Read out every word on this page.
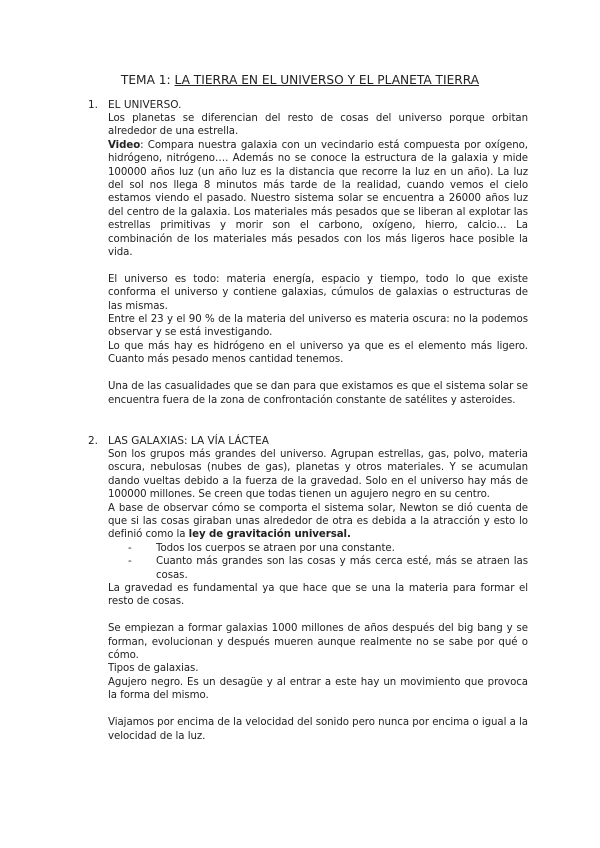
TEMA 1: LA TIERRA EN EL UNIVERSO Y EL PLANETA TIERRA
1. EL UNIVERSO.

Los planetas se diferencian del resto de cosas del universo porque orbitan alrededor de una estrella.

Video: Compara nuestra galaxia con un vecindario está compuesta por oxígeno, hidrógeno, nitrógeno…. Además no se conoce la estructura de la galaxia y mide 100000 años luz (un año luz es la distancia que recorre la luz en un año). La luz del sol nos llega 8 minutos más tarde de la realidad, cuando vemos el cielo estamos viendo el pasado. Nuestro sistema solar se encuentra a 26000 años luz del centro de la galaxia. Los materiales más pesados que se liberan al explotar las estrellas primitivas y morir son el carbono, oxígeno, hierro, calcio… La combinación de los materiales más pesados con los más ligeros hace posible la vida.

El universo es todo: materia energía, espacio y tiempo, todo lo que existe conforma el universo y contiene galaxias, cúmulos de galaxias o estructuras de las mismas.

Entre el 23 y el 90 % de la materia del universo es materia oscura: no la podemos observar y se está investigando.

Lo que más hay es hidrógeno en el universo ya que es el elemento más ligero. Cuanto más pesado menos cantidad tenemos.

Una de las casualidades que se dan para que existamos es que el sistema solar se encuentra fuera de la zona de confrontación constante de satélites y asteroides.

2. LAS GALAXIAS: LA VÍA LÁCTEA

Son los grupos más grandes del universo. Agrupan estrellas, gas, polvo, materia oscura, nebulosas (nubes de gas), planetas y otros materiales. Y se acumulan dando vueltas debido a la fuerza de la gravedad. Solo en el universo hay más de 100000 millones. Se creen que todas tienen un agujero negro en su centro.

A base de observar cómo se comporta el sistema solar, Newton se dió cuenta de que si las cosas giraban unas alrededor de otra es debida a la atracción y esto lo definió como la ley de gravitación universal.

- Todos los cuerpos se atraen por una constante.
- Cuanto más grandes son las cosas y más cerca esté, más se atraen las cosas.

La gravedad es fundamental ya que hace que se una la materia para formar el resto de cosas.

Se empiezan a formar galaxias 1000 millones de años después del big bang y se forman, evolucionan y después mueren aunque realmente no se sabe por qué o cómo.

Tipos de galaxias.

Agujero negro. Es un desagüe y al entrar a este hay un movimiento que provoca la forma del mismo.

Viajamos por encima de la velocidad del sonido pero nunca por encima o igual a la velocidad de la luz.
